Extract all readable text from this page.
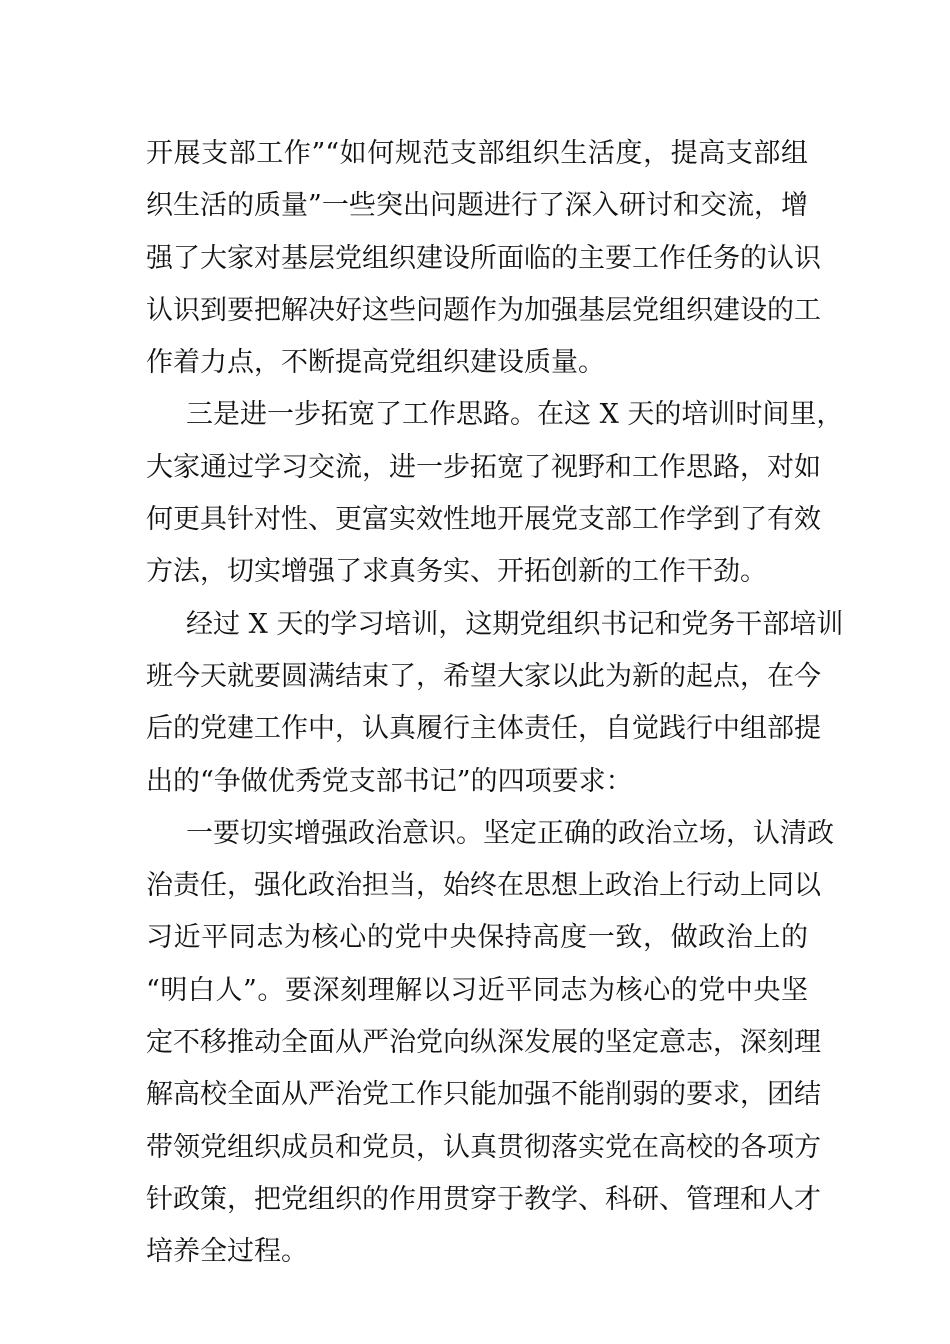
开展支部工作”“如何规范支部组织生活度，提高支部组
织生活的质量”一些突出问题进行了深入研讨和交流，增
强了大家对基层党组织建设所面临的主要工作任务的认识
认识到要把解决好这些问题作为加强基层党组织建设的工
作着力点，不断提高党组织建设质量。
三是进一步拓宽了工作思路。在这 X 天的培训时间里，
大家通过学习交流，进一步拓宽了视野和工作思路，对如
何更具针对性、更富实效性地开展党支部工作学到了有效
方法，切实增强了求真务实、开拓创新的工作干劲。
经过 X 天的学习培训，这期党组织书记和党务干部培训
班今天就要圆满结束了，希望大家以此为新的起点，在今
后的党建工作中，认真履行主体责任，自觉践行中组部提
出的“争做优秀党支部书记”的四项要求：
一要切实增强政治意识。坚定正确的政治立场，认清政
治责任，强化政治担当，始终在思想上政治上行动上同以
习近平同志为核心的党中央保持高度一致，做政治上的
“明白人”。要深刻理解以习近平同志为核心的党中央坚
定不移推动全面从严治党向纵深发展的坚定意志，深刻理
解高校全面从严治党工作只能加强不能削弱的要求，团结
带领党组织成员和党员，认真贯彻落实党在高校的各项方
针政策，把党组织的作用贯穿于教学、科研、管理和人才
培养全过程。
